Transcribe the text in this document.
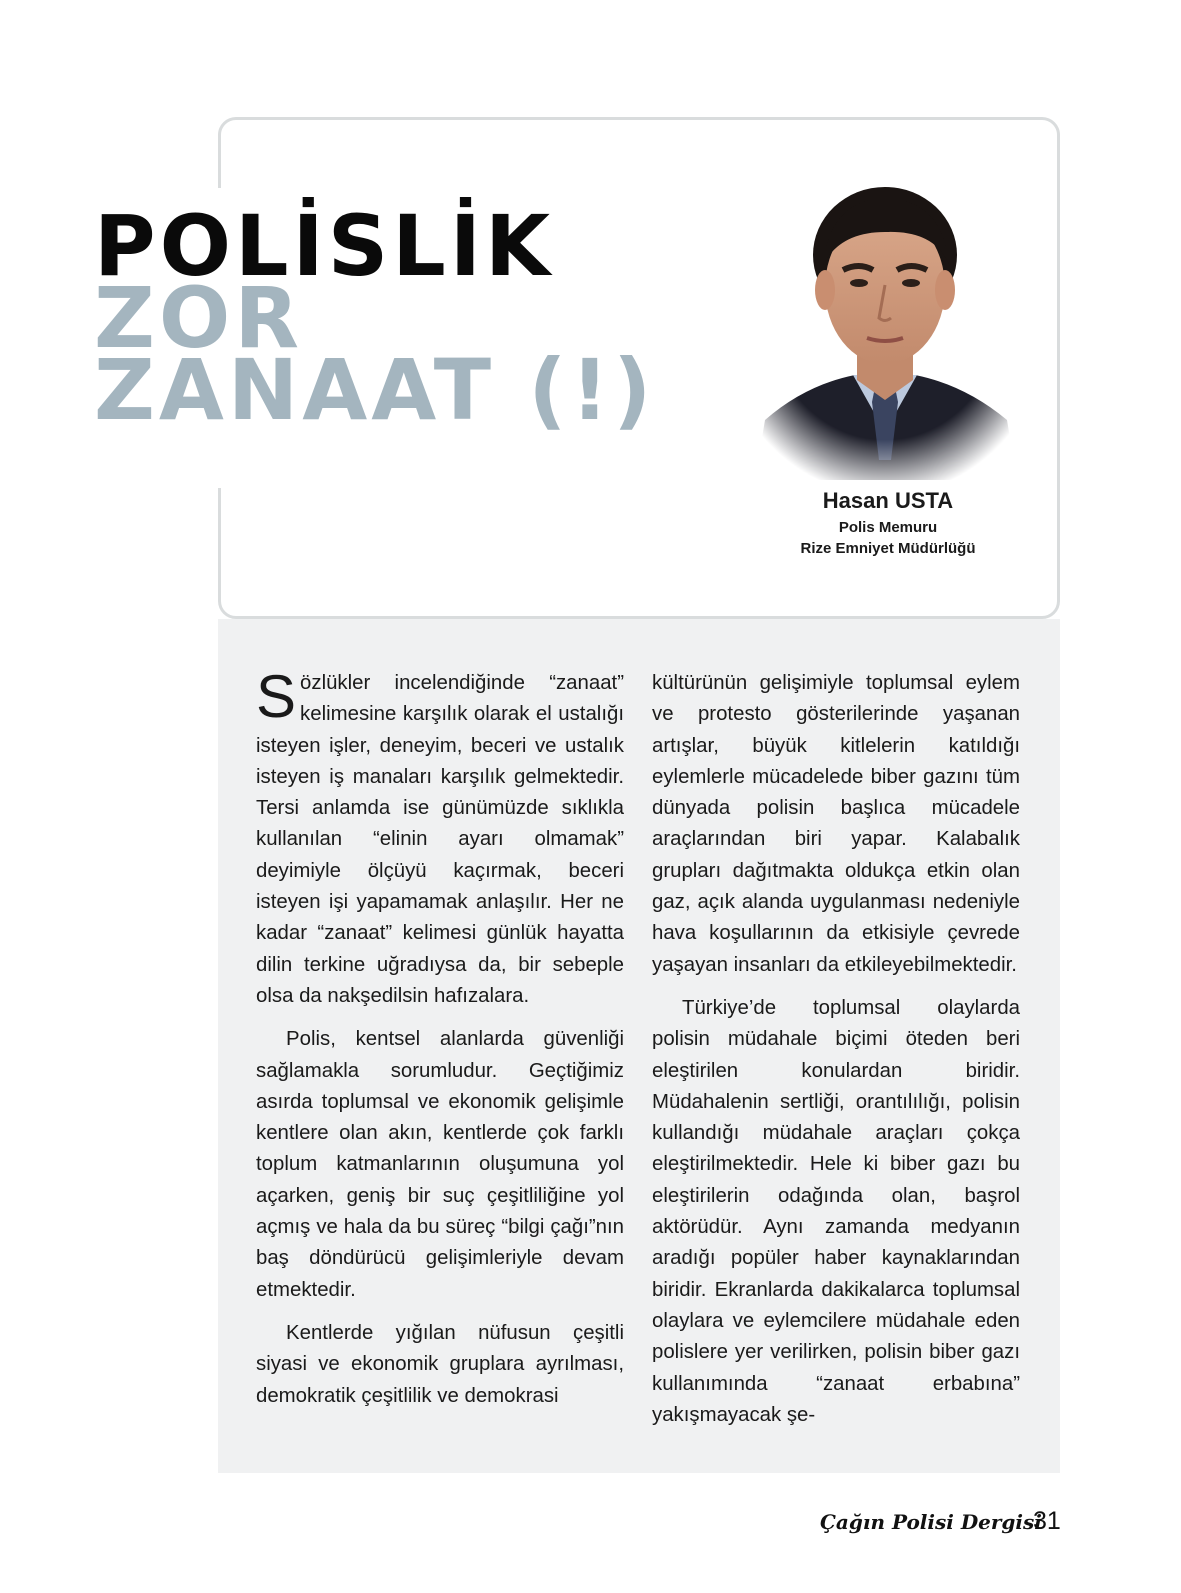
POLİSLİK
ZOR
ZANAAT (!)
Hasan USTA
Polis Memuru
Rize Emniyet Müdürlüğü

Sözlükler incelendiğinde “zanaat” kelimesine karşılık olarak el ustalığı isteyen işler, deneyim, beceri ve ustalık isteyen iş manaları karşılık gelmektedir. Tersi anlamda ise günümüzde sıklıkla kullanılan “elinin ayarı olmamak” deyimiyle ölçüyü kaçırmak, beceri isteyen işi yapamamak anlaşılır. Her ne kadar “zanaat” kelimesi günlük hayatta dilin terkine uğradıysa da, bir sebeple olsa da nakşedilsin hafızalara.

Polis, kentsel alanlarda güvenliği sağlamakla sorumludur. Geçtiğimiz asırda toplumsal ve ekonomik gelişimle kentlere olan akın, kentlerde çok farklı toplum katmanlarının oluşumuna yol açarken, geniş bir suç çeşitliliğine yol açmış ve hala da bu süreç “bilgi çağı”nın baş döndürücü gelişimleriyle devam etmektedir.

Kentlerde yığılan nüfusun çeşitli siyasi ve ekonomik gruplara ayrılması, demokratik çeşitlilik ve demokrasi

kültürünün gelişimiyle toplumsal eylem ve protesto gösterilerinde yaşanan artışlar, büyük kitlelerin katıldığı eylemlerle mücadelede biber gazını tüm dünyada polisin başlıca mücadele araçlarından biri yapar. Kalabalık grupları dağıtmakta oldukça etkin olan gaz, açık alanda uygulanması nedeniyle hava koşullarının da etkisiyle çevrede yaşayan insanları da etkileyebilmektedir.

Türkiye’de toplumsal olaylarda polisin müdahale biçimi öteden beri eleştirilen konulardan biridir. Müdahalenin sertliği, orantılılığı, polisin kullandığı müdahale araçları çokça eleştirilmektedir. Hele ki biber gazı bu eleştirilerin odağında olan, başrol aktörüdür. Aynı zamanda medyanın aradığı popüler haber kaynaklarından biridir. Ekranlarda dakikalarca toplumsal olaylara ve eylemcilere müdahale eden polislere yer verilirken, polisin biber gazı kullanımında “zanaat erbabına” yakışmayacak şe-

Çağın Polisi Dergisi
31
